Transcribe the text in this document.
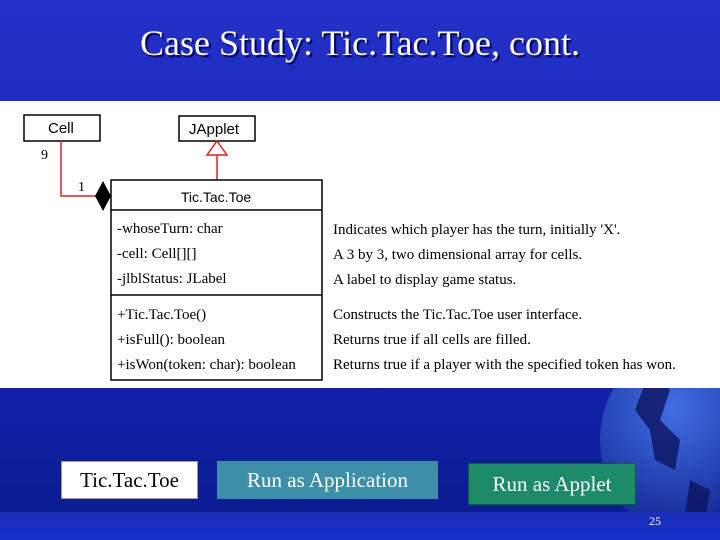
Case Study: Tic.Tac.Toe, cont.
Cell	JApplet
9
1
Tic.Tac.Toe
-whoseTurn: char
-cell: Cell[][]
-jlblStatus: JLabel
+Tic.Tac.Toe()
+isFull(): boolean
+isWon(token: char): boolean
Indicates which player has the turn, initially 'X'.
A 3 by 3, two dimensional array for cells.
A label to display game status.
Constructs the Tic.Tac.Toe user interface.
Returns true if all cells are filled.
Returns true if a player with the specified token has won.
Tic.Tac.Toe	Run as Application	Run as Applet
25
